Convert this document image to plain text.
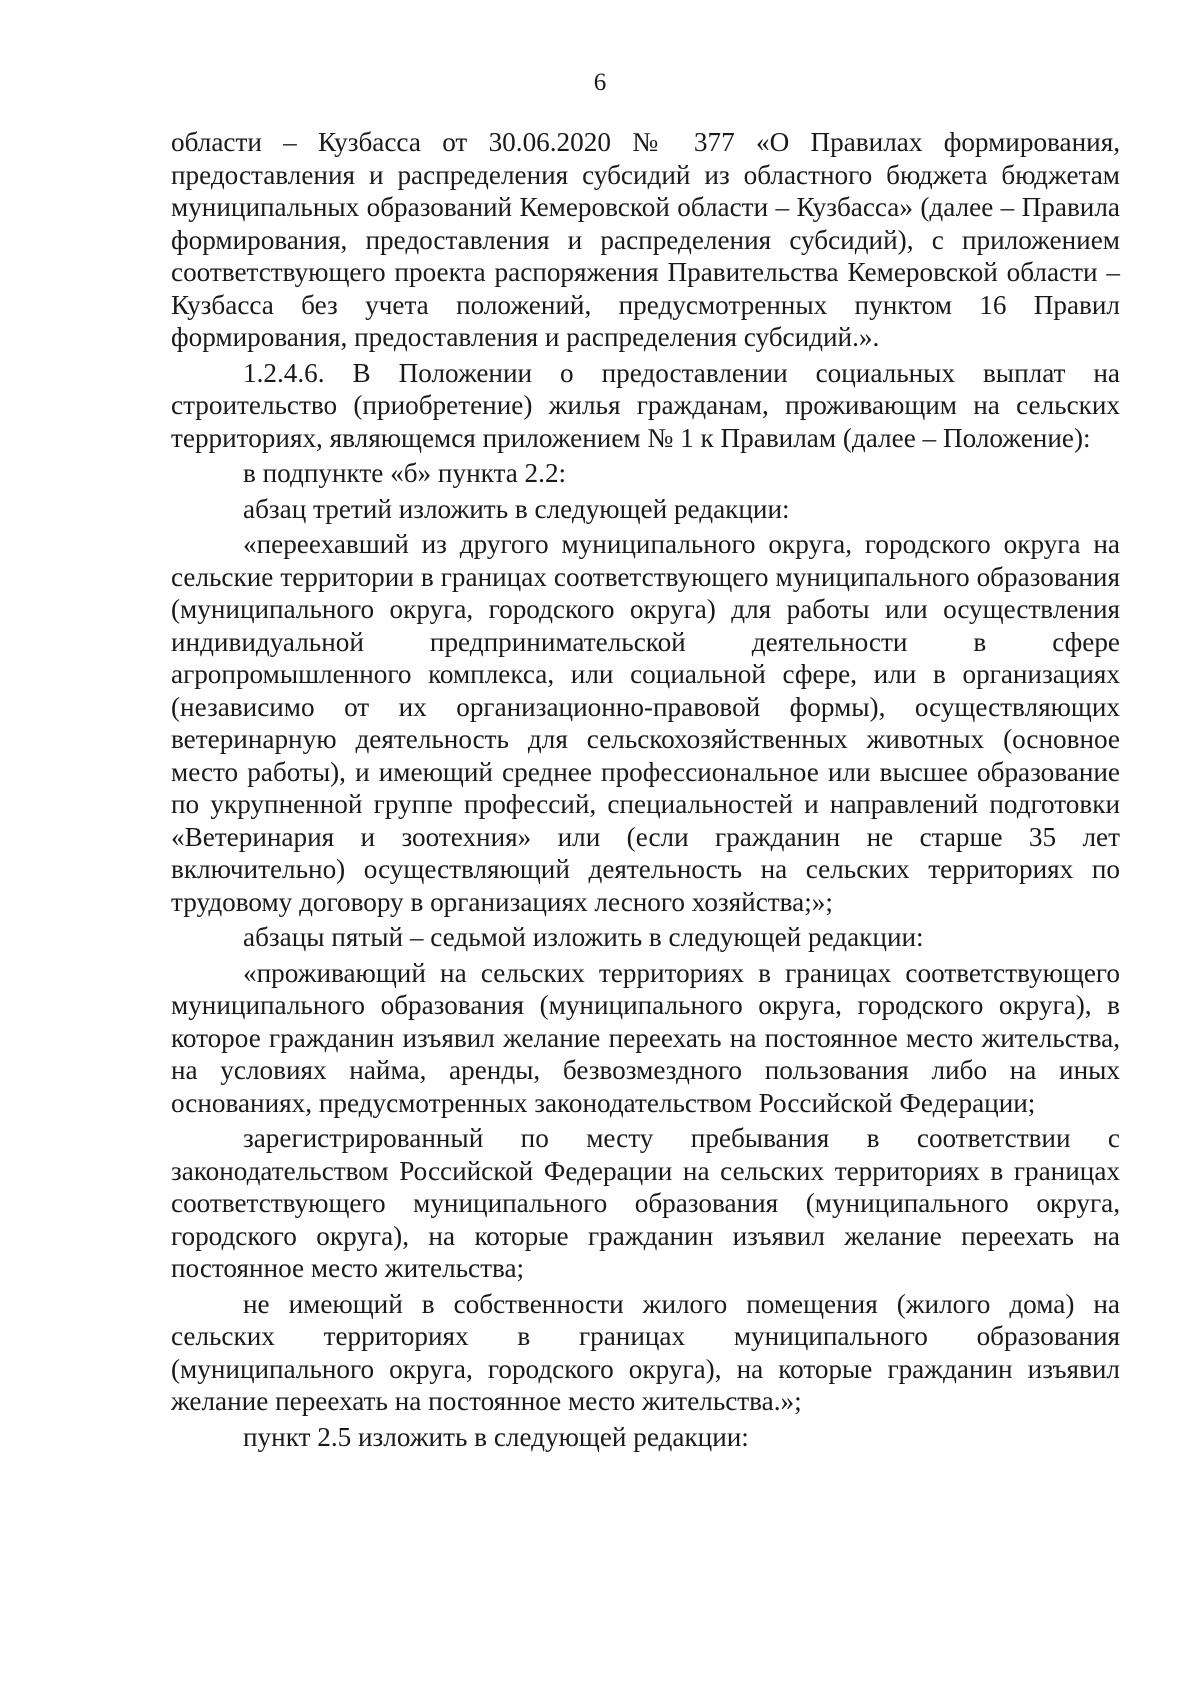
6

области – Кузбасса от 30.06.2020 № 377 «О Правилах формирования, предоставления и распределения субсидий из областного бюджета бюджетам муниципальных образований Кемеровской области – Кузбасса» (далее – Правила формирования, предоставления и распределения субсидий), с приложением соответствующего проекта распоряжения Правительства Кемеровской области – Кузбасса без учета положений, предусмотренных пунктом 16 Правил формирования, предоставления и распределения субсидий.».

1.2.4.6. В Положении о предоставлении социальных выплат на строительство (приобретение) жилья гражданам, проживающим на сельских территориях, являющемся приложением № 1 к Правилам (далее – Положение):

в подпункте «б» пункта 2.2:

абзац третий изложить в следующей редакции:

«переехавший из другого муниципального округа, городского округа на сельские территории в границах соответствующего муниципального образования (муниципального округа, городского округа) для работы или осуществления индивидуальной предпринимательской деятельности в сфере агропромышленного комплекса, или социальной сфере, или в организациях (независимо от их организационно-правовой формы), осуществляющих ветеринарную деятельность для сельскохозяйственных животных (основное место работы), и имеющий среднее профессиональное или высшее образование по укрупненной группе профессий, специальностей и направлений подготовки «Ветеринария и зоотехния» или (если гражданин не старше 35 лет включительно) осуществляющий деятельность на сельских территориях по трудовому договору в организациях лесного хозяйства;»;

абзацы пятый – седьмой изложить в следующей редакции:

«проживающий на сельских территориях в границах соответствующего муниципального образования (муниципального округа, городского округа), в которое гражданин изъявил желание переехать на постоянное место жительства, на условиях найма, аренды, безвозмездного пользования либо на иных основаниях, предусмотренных законодательством Российской Федерации;

зарегистрированный по месту пребывания в соответствии с законодательством Российской Федерации на сельских территориях в границах соответствующего муниципального образования (муниципального округа, городского округа), на которые гражданин изъявил желание переехать на постоянное место жительства;

не имеющий в собственности жилого помещения (жилого дома) на сельских территориях в границах муниципального образования (муниципального округа, городского округа), на которые гражданин изъявил желание переехать на постоянное место жительства.»;

пункт 2.5 изложить в следующей редакции:
